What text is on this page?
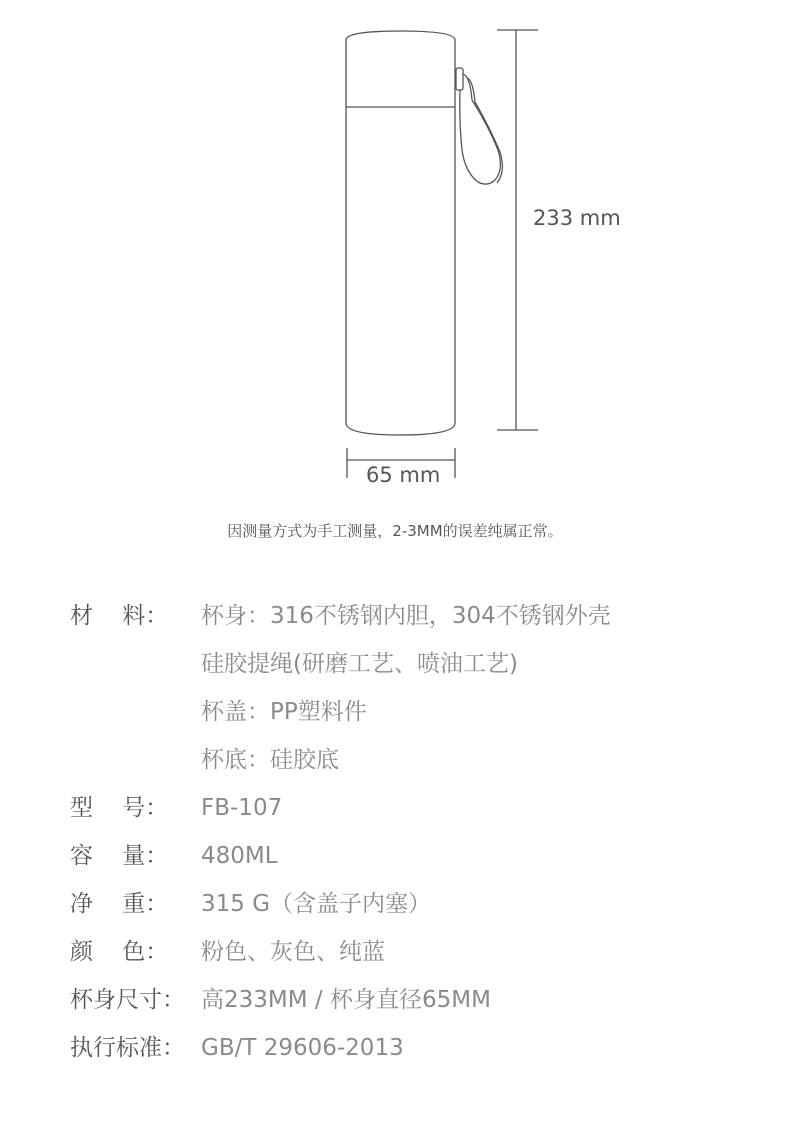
233 mm
65 mm
因测量方式为手工测量，2-3MM的误差纯属正常。
材    料：	杯身：316不锈钢内胆，304不锈钢外壳
硅胶提绳(研磨工艺、喷油工艺)
杯盖：PP塑料件
杯底：硅胶底
型    号：	FB-107
容    量：	480ML
净    重：	315 G（含盖子内塞）
颜    色：	粉色、灰色、纯蓝
杯身尺寸： 高233MM / 杯身直径65MM
执行标准： GB/T 29606-2013
